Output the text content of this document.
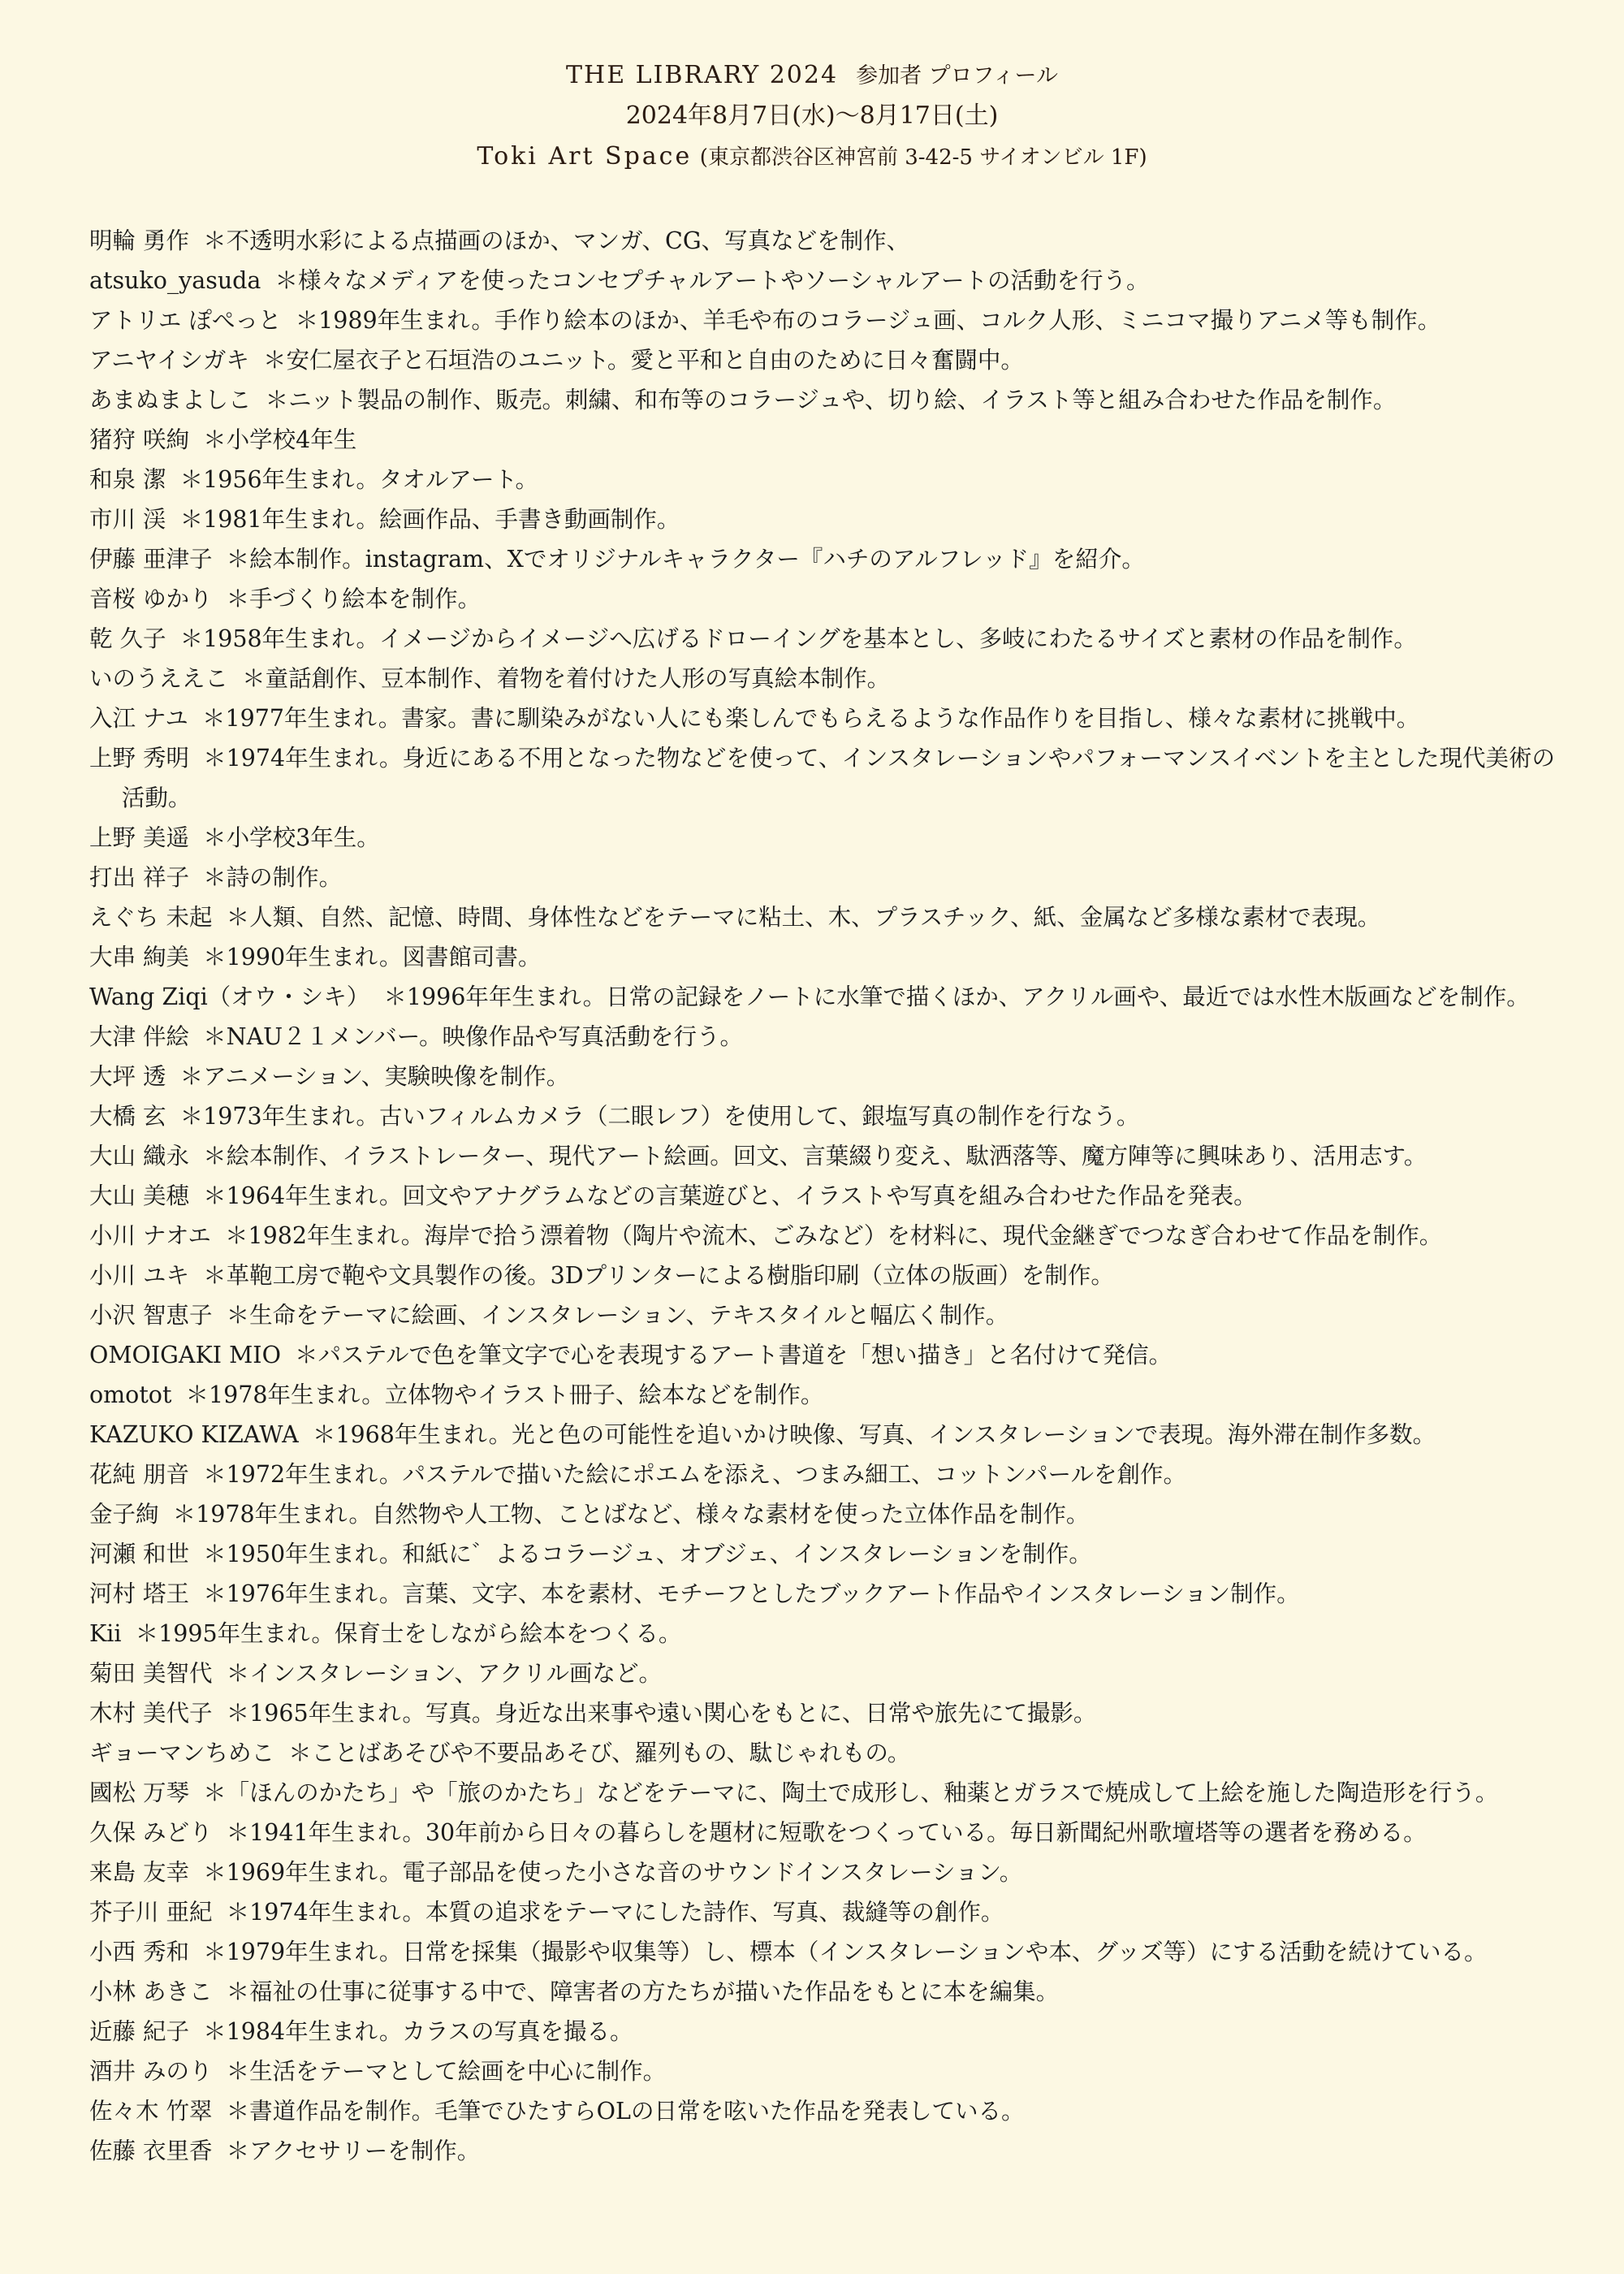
THE LIBRARY 2024 参加者 プロフィール
2024年8月7日(水)〜8月17日(土)
Toki Art Space (東京都渋谷区神宮前 3-42-5 サイオンビル 1F)
明輪 勇作 ＊不透明水彩による点描画のほか、マンガ、CG、写真などを制作、
atsuko_yasuda ＊様々なメディアを使ったコンセプチャルアートやソーシャルアートの活動を行う。
アトリエ ぽぺっと ＊1989年生まれ。手作り絵本のほか、羊毛や布のコラージュ画、コルク人形、ミニコマ撮りアニメ等も制作。
アニヤイシガキ ＊安仁屋衣子と石垣浩のユニット。愛と平和と自由のために日々奮闘中。
あまぬまよしこ ＊ニット製品の制作、販売。刺繍、和布等のコラージュや、切り絵、イラスト等と組み合わせた作品を制作。
猪狩 咲絢 ＊小学校4年生
和泉 潔 ＊1956年生まれ。タオルアート。
市川 渓 ＊1981年生まれ。絵画作品、手書き動画制作。
伊藤 亜津子 ＊絵本制作。instagram、Xでオリジナルキャラクター『ハチのアルフレッド』を紹介。
音桜 ゆかり ＊手づくり絵本を制作。
乾 久子 ＊1958年生まれ。イメージからイメージへ広げるドローイングを基本とし、多岐にわたるサイズと素材の作品を制作。
いのうええこ ＊童話創作、豆本制作、着物を着付けた人形の写真絵本制作。
入江 ナユ ＊1977年生まれ。書家。書に馴染みがない人にも楽しんでもらえるような作品作りを目指し、様々な素材に挑戦中。
上野 秀明 ＊1974年生まれ。身近にある不用となった物などを使って、インスタレーションやパフォーマンスイベントを主とした現代美術の活動。
上野 美遥 ＊小学校3年生。
打出 祥子 ＊詩の制作。
えぐち 未起 ＊人類、自然、記憶、時間、身体性などをテーマに粘土、木、プラスチック、紙、金属など多様な素材で表現。
大串 絢美 ＊1990年生まれ。図書館司書。
Wang Ziqi（オウ・シキ） ＊1996年年生まれ。日常の記録をノートに水筆で描くほか、アクリル画や、最近では水性木版画などを制作。
大津 伴絵 ＊NAU２１メンバー。映像作品や写真活動を行う。
大坪 透 ＊アニメーション、実験映像を制作。
大橋 玄 ＊1973年生まれ。古いフィルムカメラ（二眼レフ）を使用して、銀塩写真の制作を行なう。
大山 織永 ＊絵本制作、イラストレーター、現代アート絵画。回文、言葉綴り変え、駄洒落等、魔方陣等に興味あり、活用志す。
大山 美穂 ＊1964年生まれ。回文やアナグラムなどの言葉遊びと、イラストや写真を組み合わせた作品を発表。
小川 ナオエ ＊1982年生まれ。海岸で拾う漂着物（陶片や流木、ごみなど）を材料に、現代金継ぎでつなぎ合わせて作品を制作。
小川 ユキ ＊革鞄工房で鞄や文具製作の後。3Dプリンターによる樹脂印刷（立体の版画）を制作。
小沢 智恵子 ＊生命をテーマに絵画、インスタレーション、テキスタイルと幅広く制作。
OMOIGAKI MIO ＊パステルで色を筆文字で心を表現するアート書道を「想い描き」と名付けて発信。
omotot ＊1978年生まれ。立体物やイラスト冊子、絵本などを制作。
KAZUKO KIZAWA ＊1968年生まれ。光と色の可能性を追いかけ映像、写真、インスタレーションで表現。海外滞在制作多数。
花純 朋音 ＊1972年生まれ。パステルで描いた絵にポエムを添え、つまみ細工、コットンパールを創作。
金子絢 ＊1978年生まれ。自然物や人工物、ことばなど、様々な素材を使った立体作品を制作。
河瀬 和世 ＊1950年生まれ。和紙に゛よるコラージュ、オブジェ、インスタレーションを制作。
河村 塔王 ＊1976年生まれ。言葉、文字、本を素材、モチーフとしたブックアート作品やインスタレーション制作。
Kii ＊1995年生まれ。保育士をしながら絵本をつくる。
菊田 美智代 ＊インスタレーション、アクリル画など。
木村 美代子 ＊1965年生まれ。写真。身近な出来事や遠い関心をもとに、日常や旅先にて撮影。
ギョーマンちめこ ＊ことばあそびや不要品あそび、羅列もの、駄じゃれもの。
國松 万琴 ＊「ほんのかたち」や「旅のかたち」などをテーマに、陶土で成形し、釉薬とガラスで焼成して上絵を施した陶造形を行う。
久保 みどり ＊1941年生まれ。30年前から日々の暮らしを題材に短歌をつくっている。毎日新聞紀州歌壇塔等の選者を務める。
来島 友幸 ＊1969年生まれ。電子部品を使った小さな音のサウンドインスタレーション。
芥子川 亜紀 ＊1974年生まれ。本質の追求をテーマにした詩作、写真、裁縫等の創作。
小西 秀和 ＊1979年生まれ。日常を採集（撮影や収集等）し、標本（インスタレーションや本、グッズ等）にする活動を続けている。
小林 あきこ ＊福祉の仕事に従事する中で、障害者の方たちが描いた作品をもとに本を編集。
近藤 紀子 ＊1984年生まれ。カラスの写真を撮る。
酒井 みのり ＊生活をテーマとして絵画を中心に制作。
佐々木 竹翠 ＊書道作品を制作。毛筆でひたすらOLの日常を呟いた作品を発表している。
佐藤 衣里香 ＊アクセサリーを制作。
